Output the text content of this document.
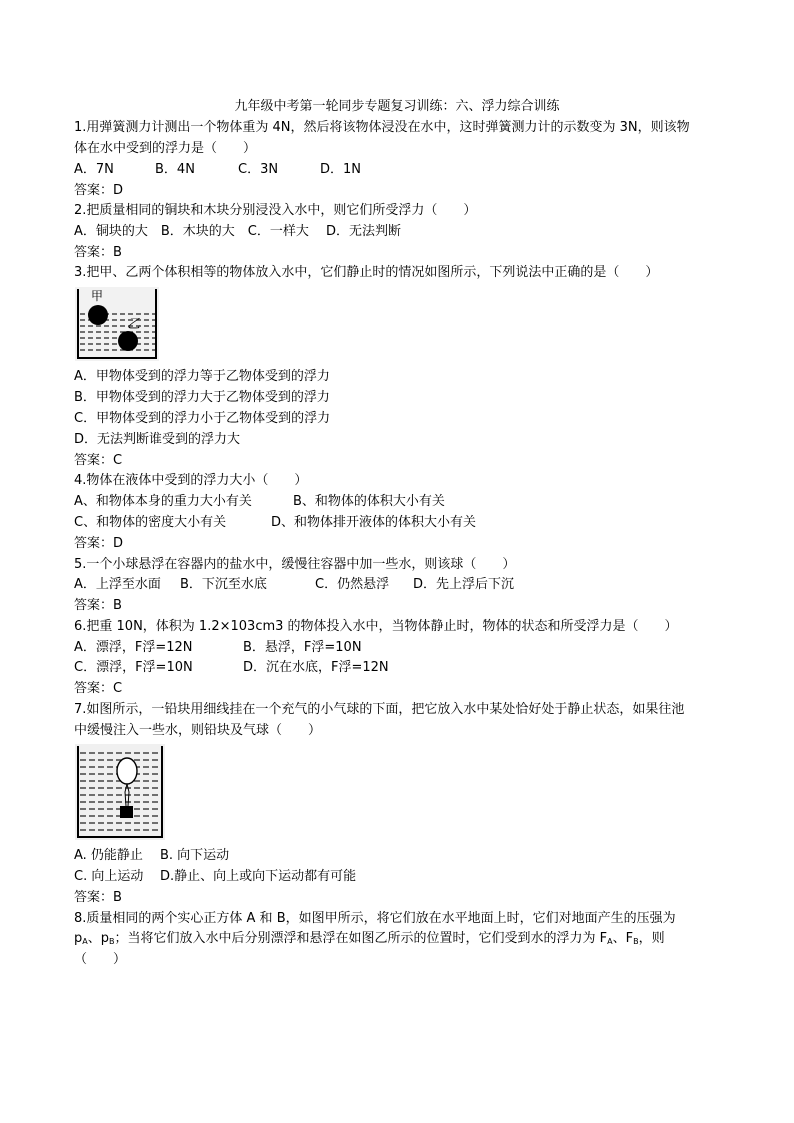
九年级中考第一轮同步专题复习训练：六、浮力综合训练
1.用弹簧测力计测出一个物体重为 4N，然后将该物体浸没在水中，这时弹簧测力计的示数变为 3N，则该物
体在水中受到的浮力是（　　）
A．7N	B．4N	C．3N	D．1N
答案：D
2.把质量相同的铜块和木块分别浸没入水中，则它们所受浮力（　　）
A．铜块的大　B．木块的大　C．一样大　 D．无法判断
答案：B
3.把甲、乙两个体积相等的物体放入水中，它们静止时的情况如图所示，下列说法中正确的是（　　）
甲
乙
A．甲物体受到的浮力等于乙物体受到的浮力
B．甲物体受到的浮力大于乙物体受到的浮力
C．甲物体受到的浮力小于乙物体受到的浮力
D．无法判断谁受到的浮力大
答案：C
4.物体在液体中受到的浮力大小（　　）
A、和物体本身的重力大小有关	B、和物体的体积大小有关
C、和物体的密度大小有关	D、和物体排开液体的体积大小有关
答案：D
5.一个小球悬浮在容器内的盐水中，缓慢往容器中加一些水，则该球（　　）
A．上浮至水面 B．下沉至水底	C．仍然悬浮 D．先上浮后下沉
答案：B
6.把重 10N，体积为 1.2×103cm3 的物体投入水中，当物体静止时，物体的状态和所受浮力是（　　）
A．漂浮，F浮=12N	B．悬浮，F浮=10N
C．漂浮，F浮=10N	D．沉在水底，F浮=12N
答案：C
7.如图所示，一铅块用细线挂在一个充气的小气球的下面，把它放入水中某处恰好处于静止状态，如果往池
中缓慢注入一些水，则铅块及气球（　　）
A. 仍能静止 B. 向下运动
C. 向上运动 D.静止、向上或向下运动都有可能
答案：B
8.质量相同的两个实心正方体 A 和 B，如图甲所示，将它们放在水平地面上时，它们对地面产生的压强为
$p_A$、$p_B$；当将它们放入水中后分别漂浮和悬浮在如图乙所示的位置时，它们受到水的浮力为 $F_A$、$F_B$，则
（　　）
